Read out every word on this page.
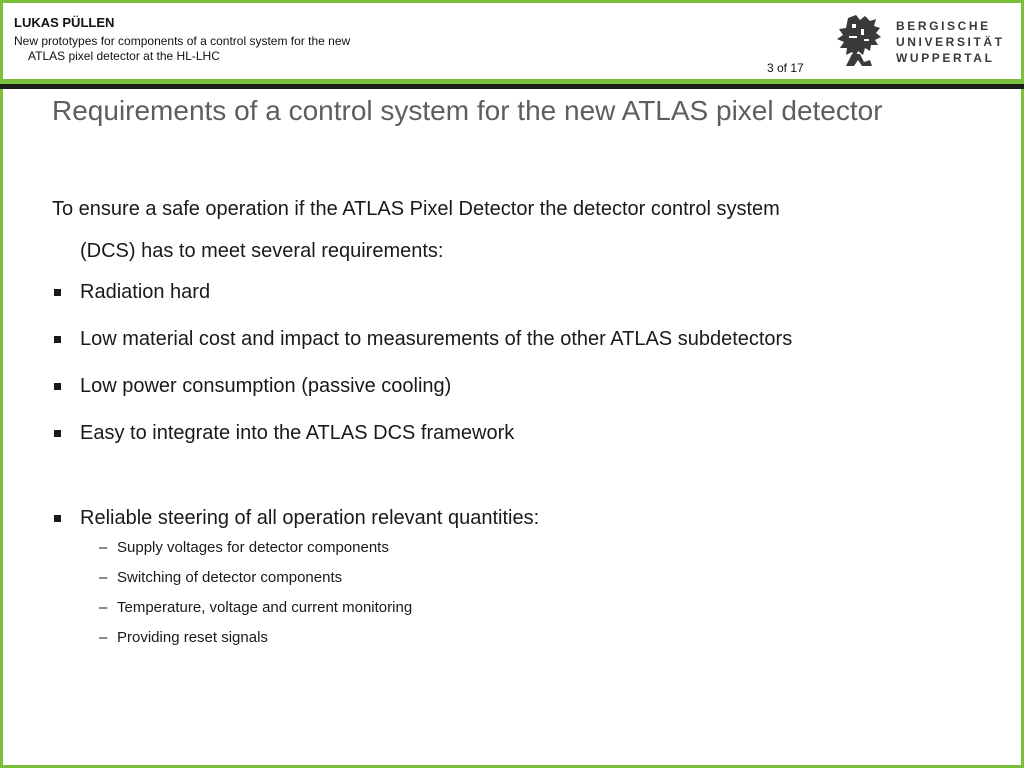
LUKAS PÜLLEN
New prototypes for components of a control system for the new
ATLAS pixel detector at the HL-LHC
3 of 17
BERGISCHE
UNIVERSITÄT
WUPPERTAL
Requirements of a control system for the new ATLAS pixel detector

To ensure a safe operation if the ATLAS Pixel Detector the detector control system
(DCS) has to meet several requirements:

Radiation hard
Low material cost and impact to measurements of the other ATLAS subdetectors
Low power consumption (passive cooling)
Easy to integrate into the ATLAS DCS framework
Reliable steering of all operation relevant quantities:
– Supply voltages for detector components
– Switching of detector components
– Temperature, voltage and current monitoring
– Providing reset signals
